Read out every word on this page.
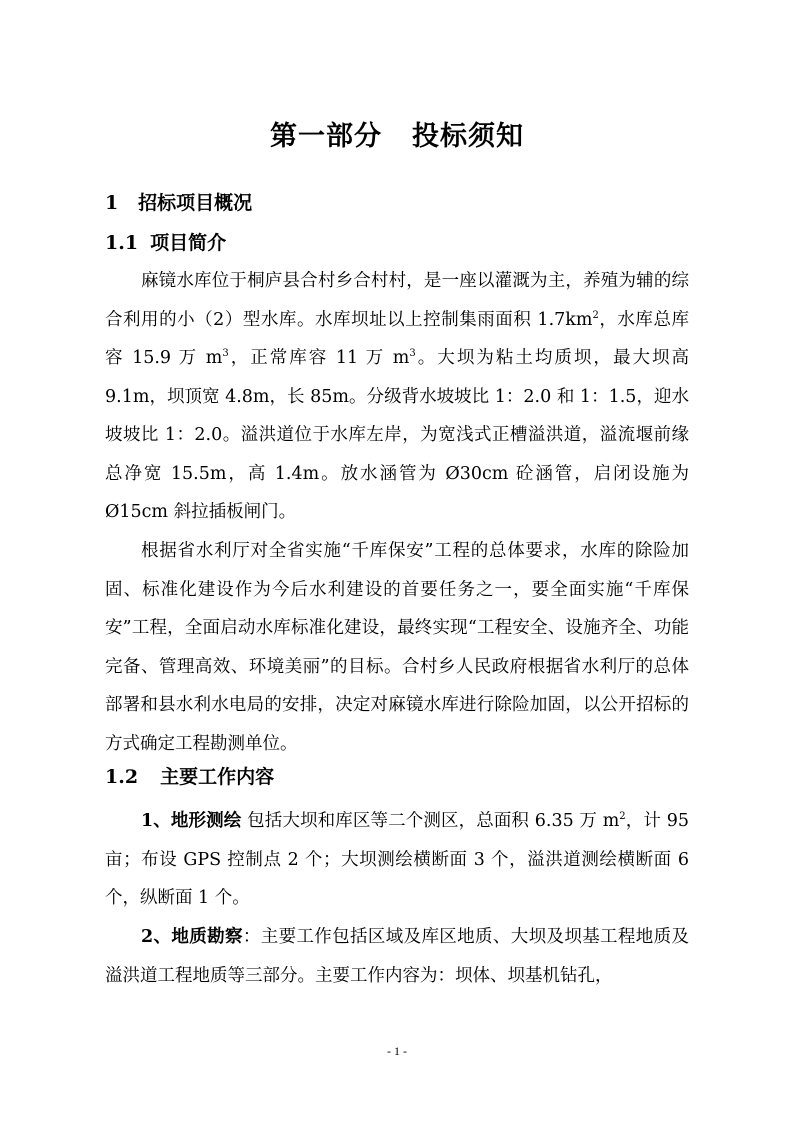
第一部分 投标须知
1 招标项目概况
1.1 项目简介
麻镜水库位于桐庐县合村乡合村村，是一座以灌溉为主，养殖为辅的综合利用的小（2）型水库。水库坝址以上控制集雨面积 $1.7km^2$，水库总库容 15.9 万 $m^3$，正常库容 11 万 $m^3$。大坝为粘土均质坝，最大坝高 9.1m，坝顶宽 4.8m，长 85m。分级背水坡坡比 1：2.0 和 1：1.5，迎水坡坡比 1：2.0。溢洪道位于水库左岸，为宽浅式正槽溢洪道，溢流堰前缘总净宽 15.5m，高 1.4m。放水涵管为 Ø30cm 砼涵管，启闭设施为 Ø15cm 斜拉插板闸门。
根据省水利厅对全省实施“千库保安”工程的总体要求，水库的除险加固、标准化建设作为今后水利建设的首要任务之一，要全面实施“千库保安”工程，全面启动水库标准化建设，最终实现“工程安全、设施齐全、功能完备、管理高效、环境美丽”的目标。合村乡人民政府根据省水利厅的总体部署和县水利水电局的安排，决定对麻镜水库进行除险加固，以公开招标的方式确定工程勘测单位。
1.2 主要工作内容
1、地形测绘 包括大坝和库区等二个测区，总面积 6.35 万 $m^2$，计 95 亩；布设 GPS 控制点 2 个；大坝测绘横断面 3 个，溢洪道测绘横断面 6 个，纵断面 1 个。
2、地质勘察：主要工作包括区域及库区地质、大坝及坝基工程地质及溢洪道工程地质等三部分。主要工作内容为：坝体、坝基机钻孔，
- 1 -
